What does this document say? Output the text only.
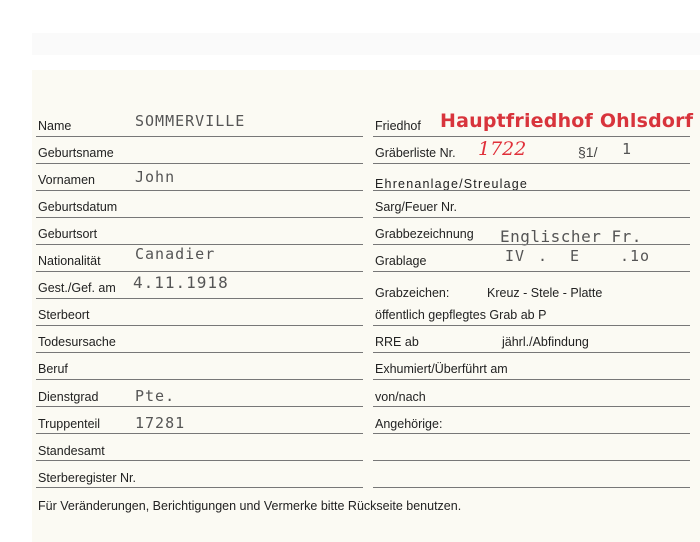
Name	SOMMERVILLE
Geburtsname
Vornamen	John
Geburtsdatum
Geburtsort
Nationalität Canadier
Gest./Gef. am 4.11.1918
Sterbeort
Todesursache
Beruf
Dienstgrad Pte.
Truppenteil 17281
Standesamt
Sterberegister Nr.
Friedhof Hauptfriedhof Ohlsdorf
Gräberliste Nr. 1722	§1/ 1
Ehrenanlage/Streulage
Sarg/Feuer Nr.
Grabbezeichnung Englischer Fr.
Grablage	IV . E	.1o
Grabzeichen:	Kreuz - Stele - Platte
öffentlich gepflegtes Grab ab P
RRE ab	jährl./Abfindung
Exhumiert/Überführt am
von/nach
Angehörige:
Für Veränderungen, Berichtigungen und Vermerke bitte Rückseite benutzen.
